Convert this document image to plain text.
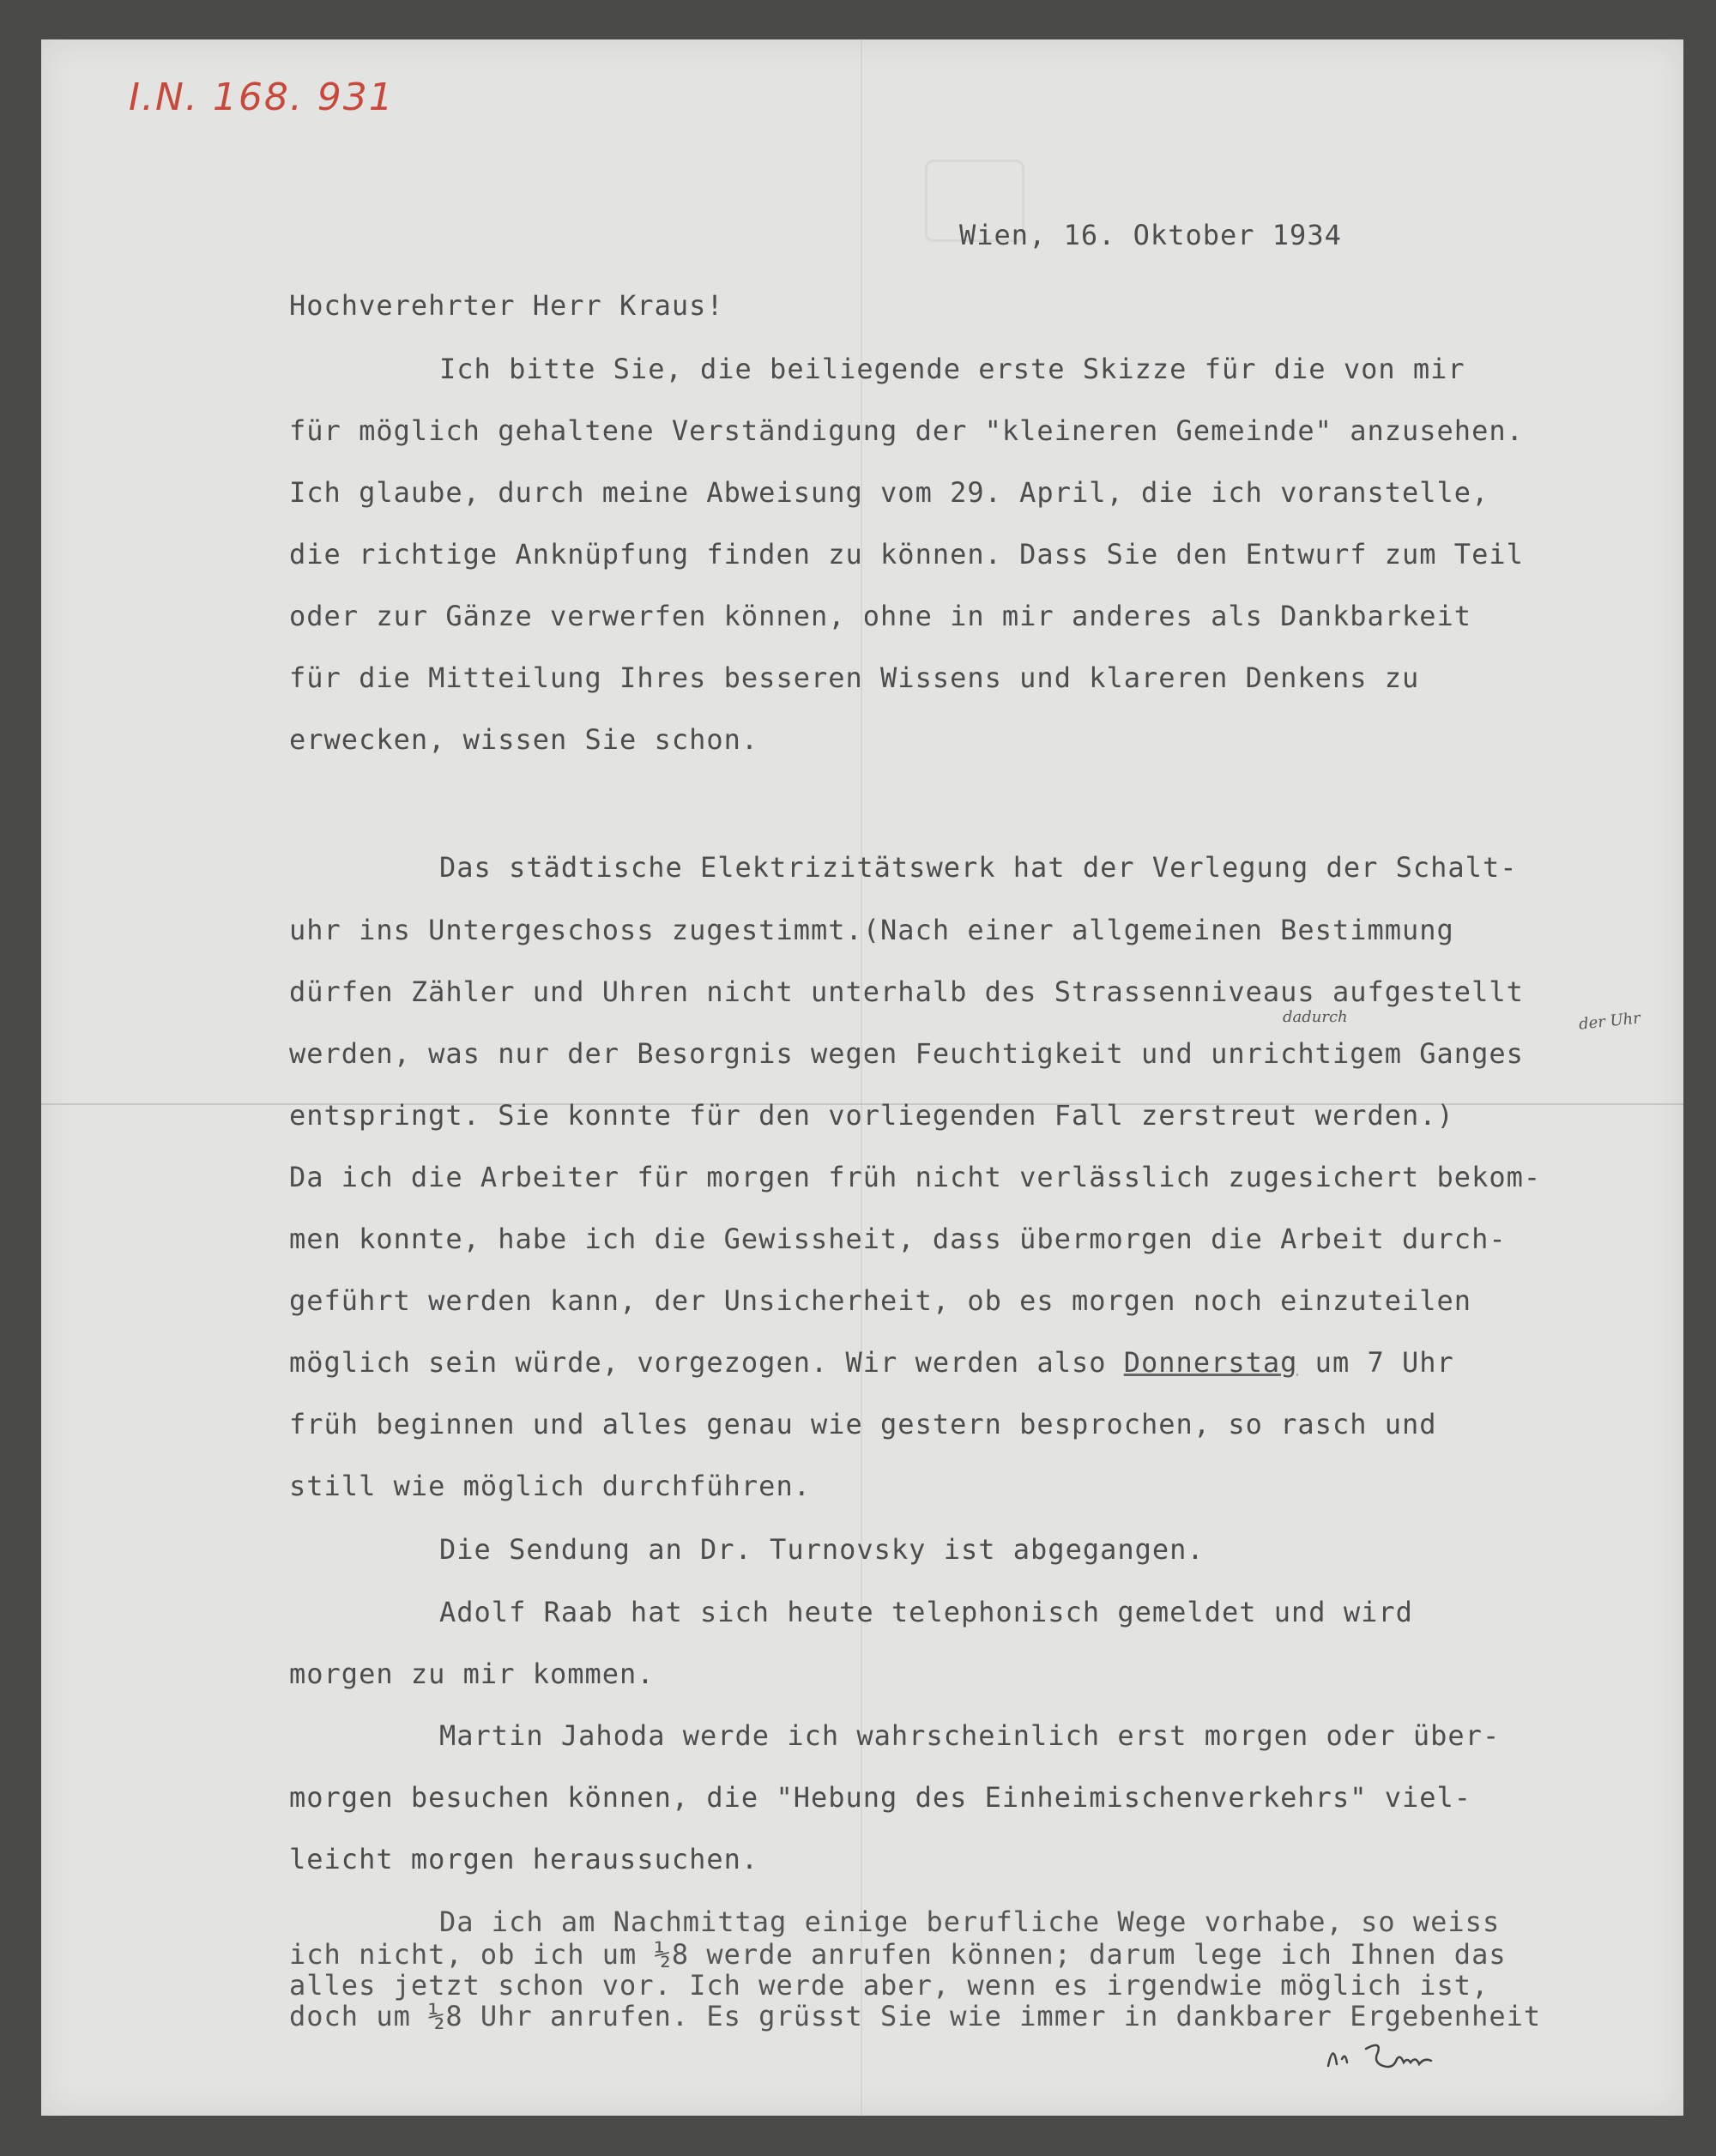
I.N. 168. 931
Wien, 16. Oktober 1934
Hochverehrter Herr Kraus!
Ich bitte Sie, die beiliegende erste Skizze für die von mir
für möglich gehaltene Verständigung der "kleineren Gemeinde" anzusehen.
Ich glaube, durch meine Abweisung vom 29. April, die ich voranstelle,
die richtige Anknüpfung finden zu können. Dass Sie den Entwurf zum Teil
oder zur Gänze verwerfen können, ohne in mir anderes als Dankbarkeit
für die Mitteilung Ihres besseren Wissens und klareren Denkens zu
erwecken, wissen Sie schon.
Das städtische Elektrizitätswerk hat der Verlegung der Schalt-
uhr ins Untergeschoss zugestimmt.(Nach einer allgemeinen Bestimmung
dürfen Zähler und Uhren nicht unterhalb des Strassenniveaus aufgestellt
dadurch	der Uhr
werden, was nur der Besorgnis wegen Feuchtigkeit und unrichtigem Ganges
entspringt. Sie konnte für den vorliegenden Fall zerstreut werden.)
Da ich die Arbeiter für morgen früh nicht verlässlich zugesichert bekom-
men konnte, habe ich die Gewissheit, dass übermorgen die Arbeit durch-
geführt werden kann, der Unsicherheit, ob es morgen noch einzuteilen
möglich sein würde, vorgezogen. Wir werden also Donnerstag um 7 Uhr
früh beginnen und alles genau wie gestern besprochen, so rasch und
still wie möglich durchführen.
Die Sendung an Dr. Turnovsky ist abgegangen.
Adolf Raab hat sich heute telephonisch gemeldet und wird
morgen zu mir kommen.
Martin Jahoda werde ich wahrscheinlich erst morgen oder über-
morgen besuchen können, die "Hebung des Einheimischenverkehrs" viel-
leicht morgen heraussuchen.
Da ich am Nachmittag einige berufliche Wege vorhabe, so weiss
ich nicht, ob ich um ½8 werde anrufen können; darum lege ich Ihnen das
alles jetzt schon vor. Ich werde aber, wenn es irgendwie möglich ist,
doch um ½8 Uhr anrufen. Es grüsst Sie wie immer in dankbarer Ergebenheit
